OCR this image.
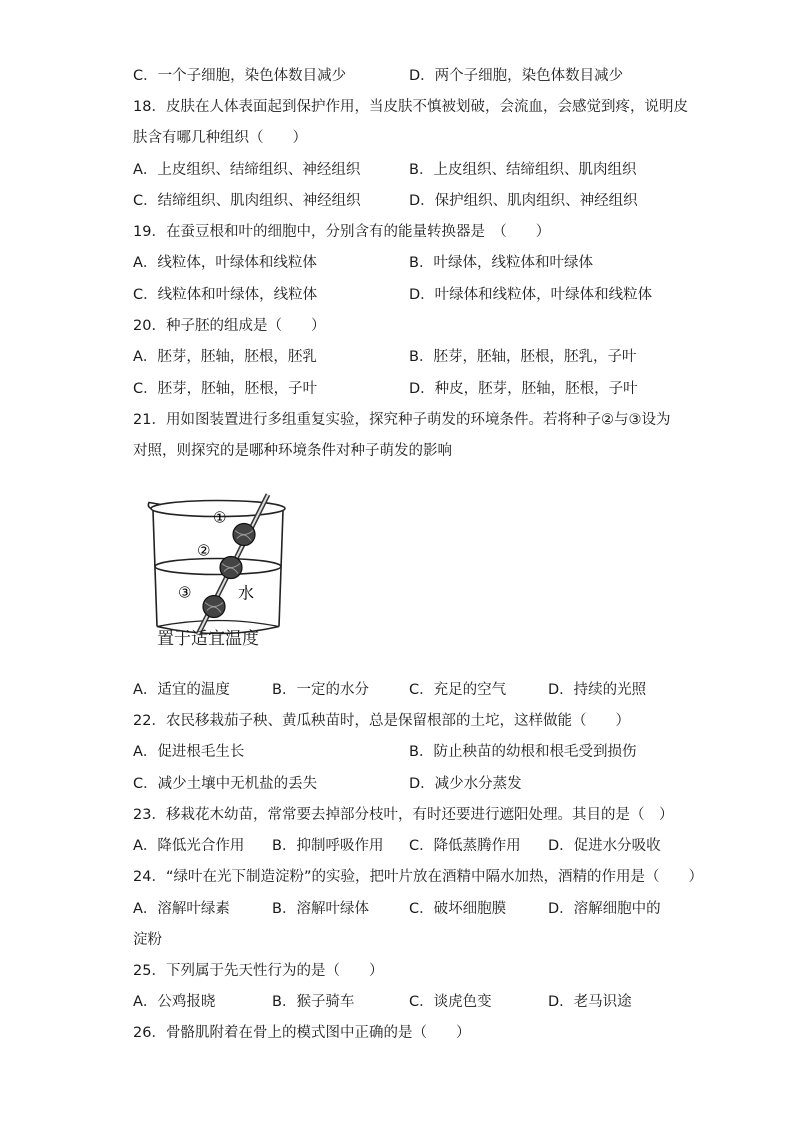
C．一个子细胞，染色体数目减少	D．两个子细胞，染色体数目减少
18．皮肤在人体表面起到保护作用，当皮肤不慎被划破，会流血，会感觉到疼，说明皮
肤含有哪几种组织（　　）
A．上皮组织、结缔组织、神经组织	B．上皮组织、结缔组织、肌肉组织
C．结缔组织、肌肉组织、神经组织	D．保护组织、肌肉组织、神经组织
19．在蚕豆根和叶的细胞中，分别含有的能量转换器是　（　　）
A．线粒体，叶绿体和线粒体	B．叶绿体，线粒体和叶绿体
C．线粒体和叶绿体，线粒体	D．叶绿体和线粒体，叶绿体和线粒体
20．种子胚的组成是（　　）
A．胚芽，胚轴，胚根，胚乳	B．胚芽，胚轴，胚根，胚乳，子叶
C．胚芽，胚轴，胚根，子叶	D．种皮，胚芽，胚轴，胚根，子叶
21．用如图装置进行多组重复实验，探究种子萌发的环境条件。若将种子②与③设为
对照，则探究的是哪种环境条件对种子萌发的影响
①
②
③	水
置于适宜温度
A．适宜的温度	B．一定的水分	C．充足的空气	D．持续的光照
22．农民移栽茄子秧、黄瓜秧苗时，总是保留根部的土坨，这样做能（　　）
A．促进根毛生长	B．防止秧苗的幼根和根毛受到损伤
C．减少土壤中无机盐的丢失	D．减少水分蒸发
23．移栽花木幼苗，常常要去掉部分枝叶，有时还要进行遮阳处理。其目的是（　）
A．降低光合作用 B．抑制呼吸作用 C．降低蒸腾作用 D．促进水分吸收
24．“绿叶在光下制造淀粉”的实验，把叶片放在酒精中隔水加热，酒精的作用是（　　）
A．溶解叶绿素	B．溶解叶绿体	C．破坏细胞膜	D．溶解细胞中的
淀粉
25．下列属于先天性行为的是（　　）
A．公鸡报晓	B．猴子骑车	C．谈虎色变	D．老马识途
26．骨骼肌附着在骨上的模式图中正确的是（　　）
